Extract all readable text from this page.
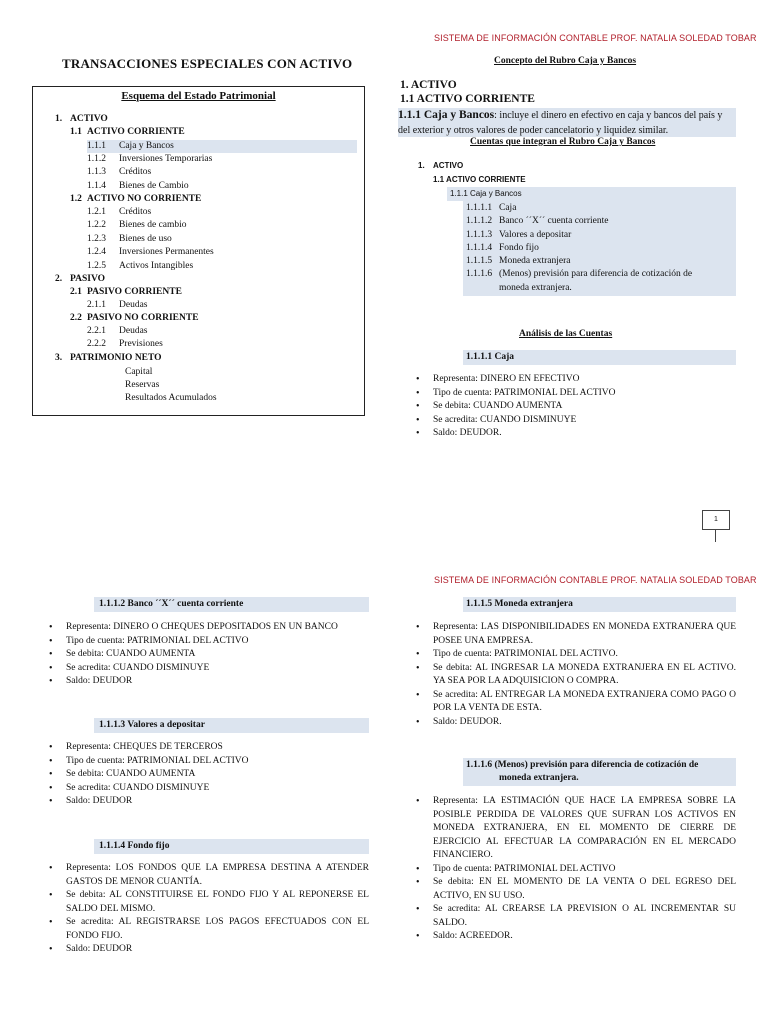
SISTEMA DE INFORMACIÓN CONTABLE PROF. NATALIA SOLEDAD TOBAR
TRANSACCIONES ESPECIALES CON ACTIVO
Esquema del Estado Patrimonial
1. ACTIVO
1.1 ACTIVO CORRIENTE
1.1.1 Caja y Bancos
1.1.2 Inversiones Temporarias
1.1.3 Créditos
1.1.4 Bienes de Cambio
1.2 ACTIVO NO CORRIENTE
1.2.1 Créditos
1.2.2 Bienes de cambio
1.2.3 Bienes de uso
1.2.4 Inversiones Permanentes
1.2.5 Activos Intangibles
2. PASIVO
2.1 PASIVO CORRIENTE
2.1.1 Deudas
2.2 PASIVO NO CORRIENTE
2.2.1 Deudas
2.2.2 Previsiones
3. PATRIMONIO NETO
Capital
Reservas
Resultados Acumulados
Concepto del Rubro Caja y Bancos
1. ACTIVO
1.1 ACTIVO CORRIENTE
1.1.1 Caja y Bancos: incluye el dinero en efectivo en caja y bancos del país y del exterior y otros valores de poder cancelatorio y liquidez similar.
Cuentas que integran el Rubro Caja y Bancos
1. ACTIVO
1.1 ACTIVO CORRIENTE
1.1.1 Caja y Bancos
1.1.1.1 Caja
1.1.1.2 Banco ´´X´´ cuenta corriente
1.1.1.3 Valores a depositar
1.1.1.4 Fondo fijo
1.1.1.5 Moneda extranjera
1.1.1.6 (Menos) previsión para diferencia de cotización de
moneda extranjera.
Análisis de las Cuentas
1.1.1.1 Caja
• Representa: DINERO EN EFECTIVO
• Tipo de cuenta: PATRIMONIAL DEL ACTIVO
• Se debita: CUANDO AUMENTA
• Se acredita: CUANDO DISMINUYE
• Saldo: DEUDOR.
1
SISTEMA DE INFORMACIÓN CONTABLE PROF. NATALIA SOLEDAD TOBAR
1.1.1.2 Banco ´´X´´ cuenta corriente
• Representa: DINERO O CHEQUES DEPOSITADOS EN UN BANCO
• Tipo de cuenta: PATRIMONIAL DEL ACTIVO
• Se debita: CUANDO AUMENTA
• Se acredita: CUANDO DISMINUYE
• Saldo: DEUDOR
1.1.1.3 Valores a depositar
• Representa: CHEQUES DE TERCEROS
• Tipo de cuenta: PATRIMONIAL DEL ACTIVO
• Se debita: CUANDO AUMENTA
• Se acredita: CUANDO DISMINUYE
• Saldo: DEUDOR
1.1.1.4 Fondo fijo
• Representa: LOS FONDOS QUE LA EMPRESA DESTINA A ATENDER GASTOS DE MENOR CUANTÍA.
• Se debita: AL CONSTITUIRSE EL FONDO FIJO Y AL REPONERSE EL SALDO DEL MISMO.
• Se acredita: AL REGISTRARSE LOS PAGOS EFECTUADOS CON EL FONDO FIJO.
• Saldo: DEUDOR
1.1.1.5 Moneda extranjera
• Representa: LAS DISPONIBILIDADES EN MONEDA EXTRANJERA QUE POSEE UNA EMPRESA.
• Tipo de cuenta: PATRIMONIAL DEL ACTIVO.
• Se debita: AL INGRESAR LA MONEDA EXTRANJERA EN EL ACTIVO. YA SEA POR LA ADQUISICION O COMPRA.
• Se acredita: AL ENTREGAR LA MONEDA EXTRANJERA COMO PAGO O POR LA VENTA DE ESTA.
• Saldo: DEUDOR.
1.1.1.6 (Menos) previsión para diferencia de cotización de
moneda extranjera.
• Representa: LA ESTIMACIÓN QUE HACE LA EMPRESA SOBRE LA POSIBLE PERDIDA DE VALORES QUE SUFRAN LOS ACTIVOS EN MONEDA EXTRANJERA, EN EL MOMENTO DE CIERRE DE EJERCICIO AL EFECTUAR LA COMPARACIÓN EN EL MERCADO FINANCIERO.
• Tipo de cuenta: PATRIMONIAL DEL ACTIVO
• Se debita: EN EL MOMENTO DE LA VENTA O DEL EGRESO DEL ACTIVO, EN SU USO.
• Se acredita: AL CREARSE LA PREVISION O AL INCREMENTAR SU SALDO.
• Saldo: ACREEDOR.
